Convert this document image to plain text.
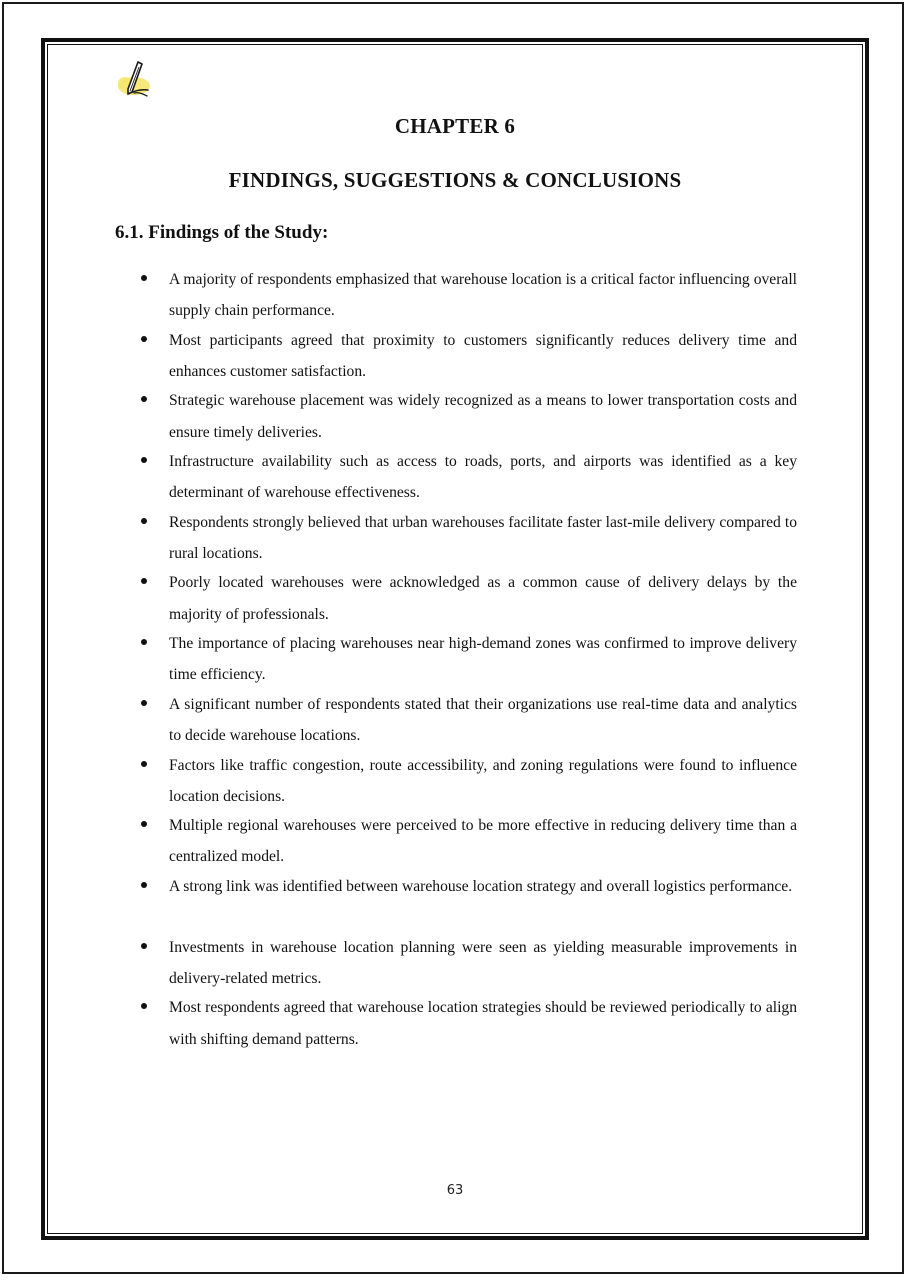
CHAPTER 6
FINDINGS, SUGGESTIONS & CONCLUSIONS
6.1. Findings of the Study:
A majority of respondents emphasized that warehouse location is a critical factor influencing overall supply chain performance.
Most participants agreed that proximity to customers significantly reduces delivery time and enhances customer satisfaction.
Strategic warehouse placement was widely recognized as a means to lower transportation costs and ensure timely deliveries.
Infrastructure availability such as access to roads, ports, and airports was identified as a key determinant of warehouse effectiveness.
Respondents strongly believed that urban warehouses facilitate faster last-mile delivery compared to rural locations.
Poorly located warehouses were acknowledged as a common cause of delivery delays by the majority of professionals.
The importance of placing warehouses near high-demand zones was confirmed to improve delivery time efficiency.
A significant number of respondents stated that their organizations use real-time data and analytics to decide warehouse locations.
Factors like traffic congestion, route accessibility, and zoning regulations were found to influence location decisions.
Multiple regional warehouses were perceived to be more effective in reducing delivery time than a centralized model.
A strong link was identified between warehouse location strategy and overall logistics performance.
Investments in warehouse location planning were seen as yielding measurable improvements in delivery-related metrics.
Most respondents agreed that warehouse location strategies should be reviewed periodically to align with shifting demand patterns.
63
